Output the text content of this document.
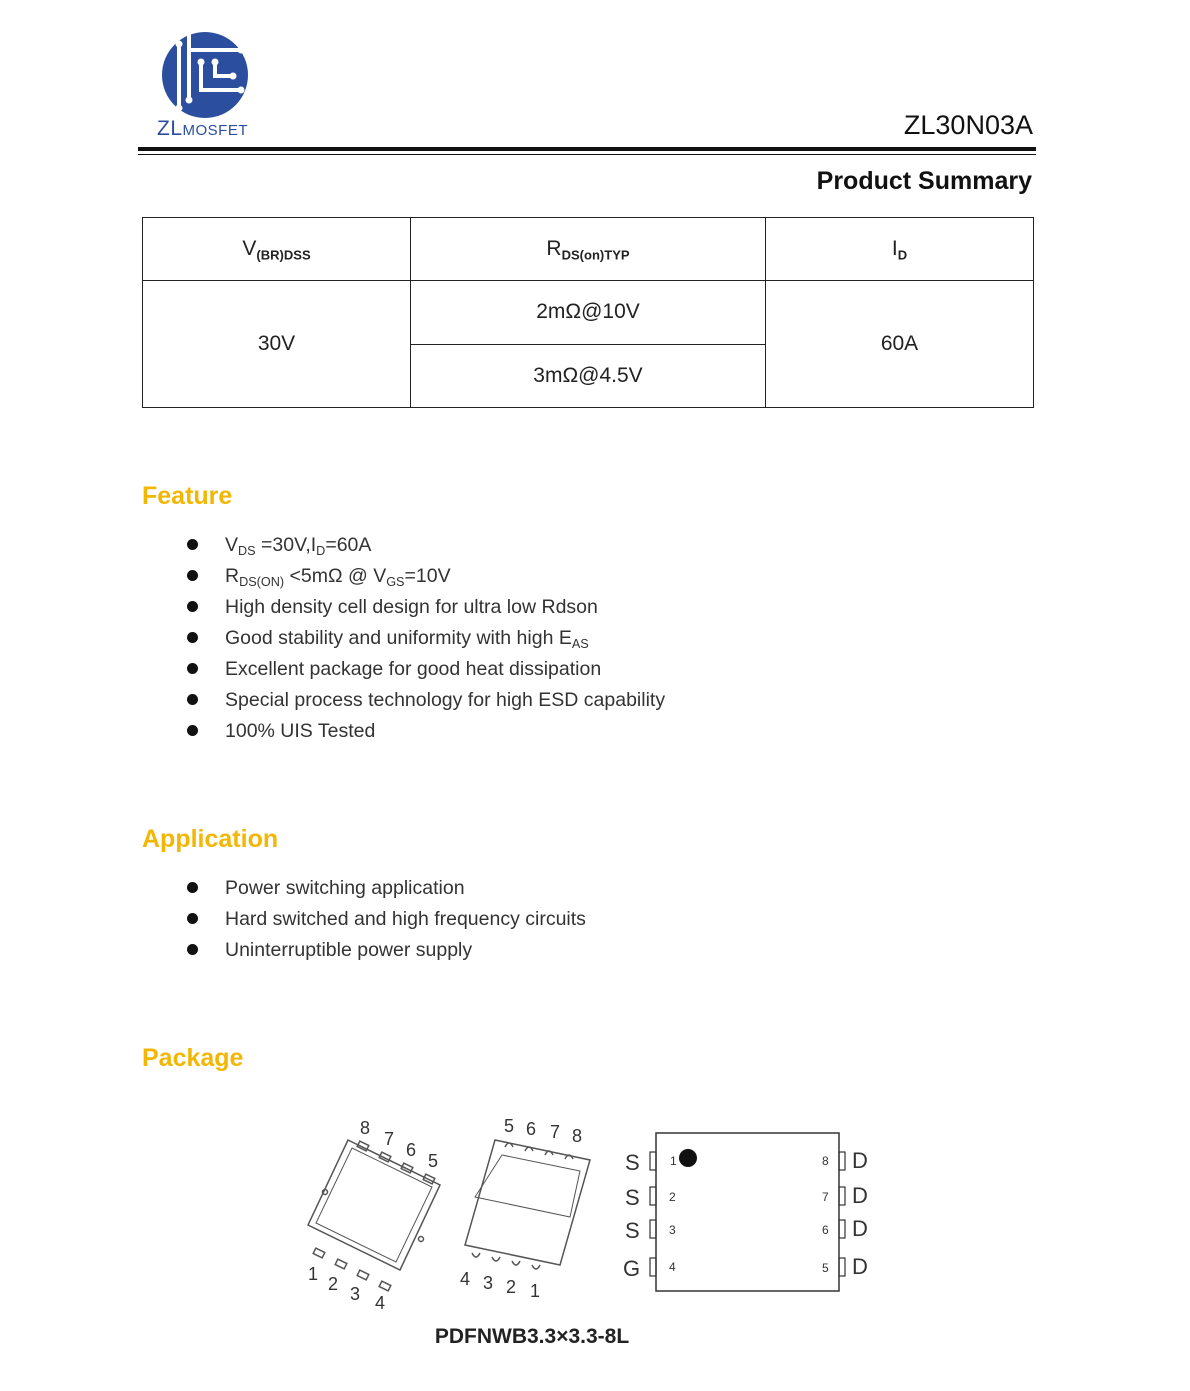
ZLMOSFET	ZL30N03A
Product Summary
$V_{(BR)DSS}$	$R_{DS(on)TYP}$	$I_D$
30V	2mΩ@10V	60A
	3mΩ@4.5V	
Feature
$V_{DS} =30V,I_D=60A$
$R_{DS(ON)} <5m\Omega$ @ $V_{GS}=10V$
High density cell design for ultra low Rdson
Good stability and uniformity with high $E_{AS}$
Excellent package for good heat dissipation
Special process technology for high ESD capability
100% UIS Tested
Application
Power switching application
Hard switched and high frequency circuits
Uninterruptible power supply
Package
8
7
6
5
1 2 3 4
5 6 7 8
4 3 2 1
S
S
S
G
D
D
D
D
1
2
3
4
8
7
6
5
PDFNWB3.3×3.3-8L
